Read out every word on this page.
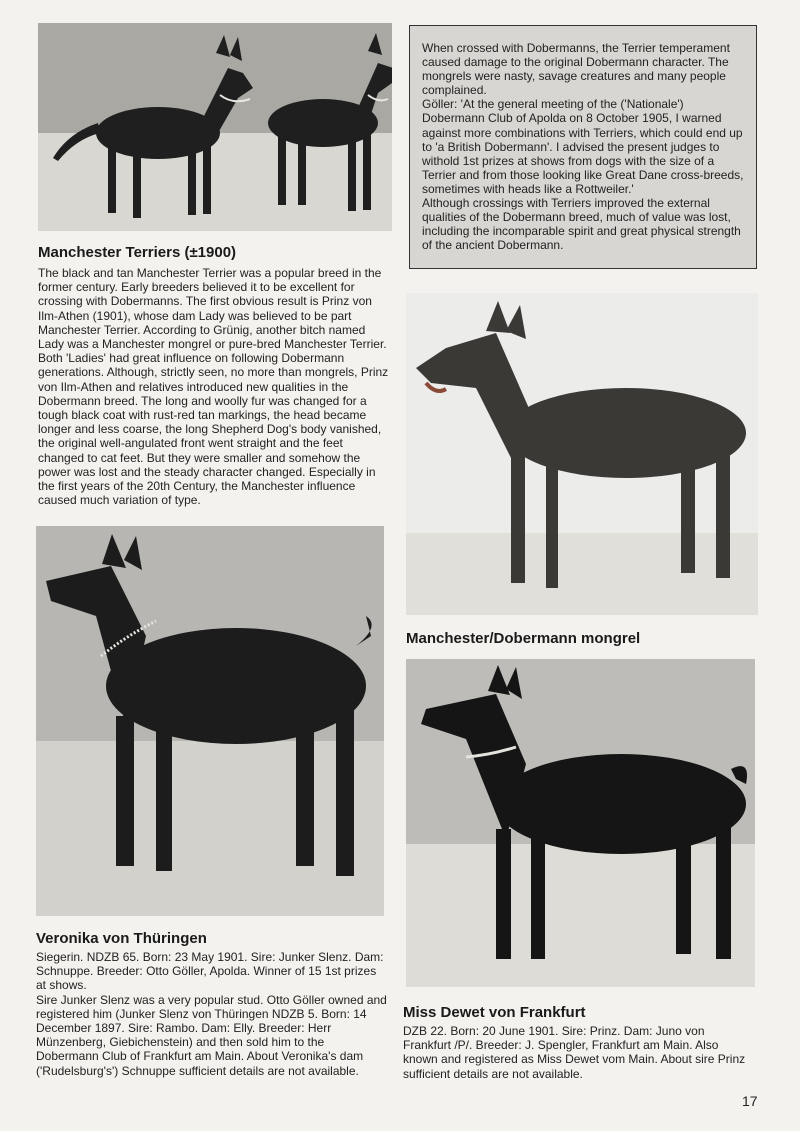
When crossed with Dobermanns, the Terrier temperament caused damage to the original Dobermann character. The mongrels were nasty, savage creatures and many people complained.

Göller: 'At the general meeting of the ('Nationale') Dobermann Club of Apolda on 8 October 1905, I warned against more combinations with Terriers, which could end up to 'a British Dobermann'. I advised the present judges to withold 1st prizes at shows from dogs with the size of a Terrier and from those looking like Great Dane cross-breeds, sometimes with heads like a Rottweiler.'

Although crossings with Terriers improved the external qualities of the Dobermann breed, much of value was lost, including the incomparable spirit and great physical strength of the ancient Dobermann.

Manchester Terriers (±1900)

The black and tan Manchester Terrier was a popular breed in the former century. Early breeders believed it to be excellent for crossing with Dobermanns. The first obvious result is Prinz von Ilm-Athen (1901), whose dam Lady was believed to be part Manchester Terrier. According to Grünig, another bitch named Lady was a Manchester mongrel or pure-bred Manchester Terrier. Both 'Ladies' had great influence on following Dobermann generations. Although, strictly seen, no more than mongrels, Prinz von Ilm-Athen and relatives introduced new qualities in the Dobermann breed. The long and woolly fur was changed for a tough black coat with rust-red tan markings, the head became longer and less coarse, the long Shepherd Dog's body vanished, the original well-angulated front went straight and the feet changed to cat feet. But they were smaller and somehow the power was lost and the steady character changed. Especially in the first years of the 20th Century, the Manchester influence caused much variation of type.

Manchester/Dobermann mongrel
Veronika von Thüringen

Siegerin. NDZB 65. Born: 23 May 1901. Sire: Junker Slenz. Dam: Schnuppe. Breeder: Otto Göller, Apolda. Winner of 15 1st prizes at shows.

Sire Junker Slenz was a very popular stud. Otto Göller owned and registered him (Junker Slenz von Thüringen NDZB 5. Born: 14 December 1897. Sire: Rambo. Dam: Elly. Breeder: Herr Münzenberg, Giebichenstein) and then sold him to the Dobermann Club of Frankfurt am Main. About Veronika's dam ('Rudelsburg's') Schnuppe sufficient details are not available.

Miss Dewet von Frankfurt

DZB 22. Born: 20 June 1901. Sire: Prinz. Dam: Juno von Frankfurt /P/. Breeder: J. Spengler, Frankfurt am Main. Also known and registered as Miss Dewet vom Main. About sire Prinz sufficient details are not available.

17
